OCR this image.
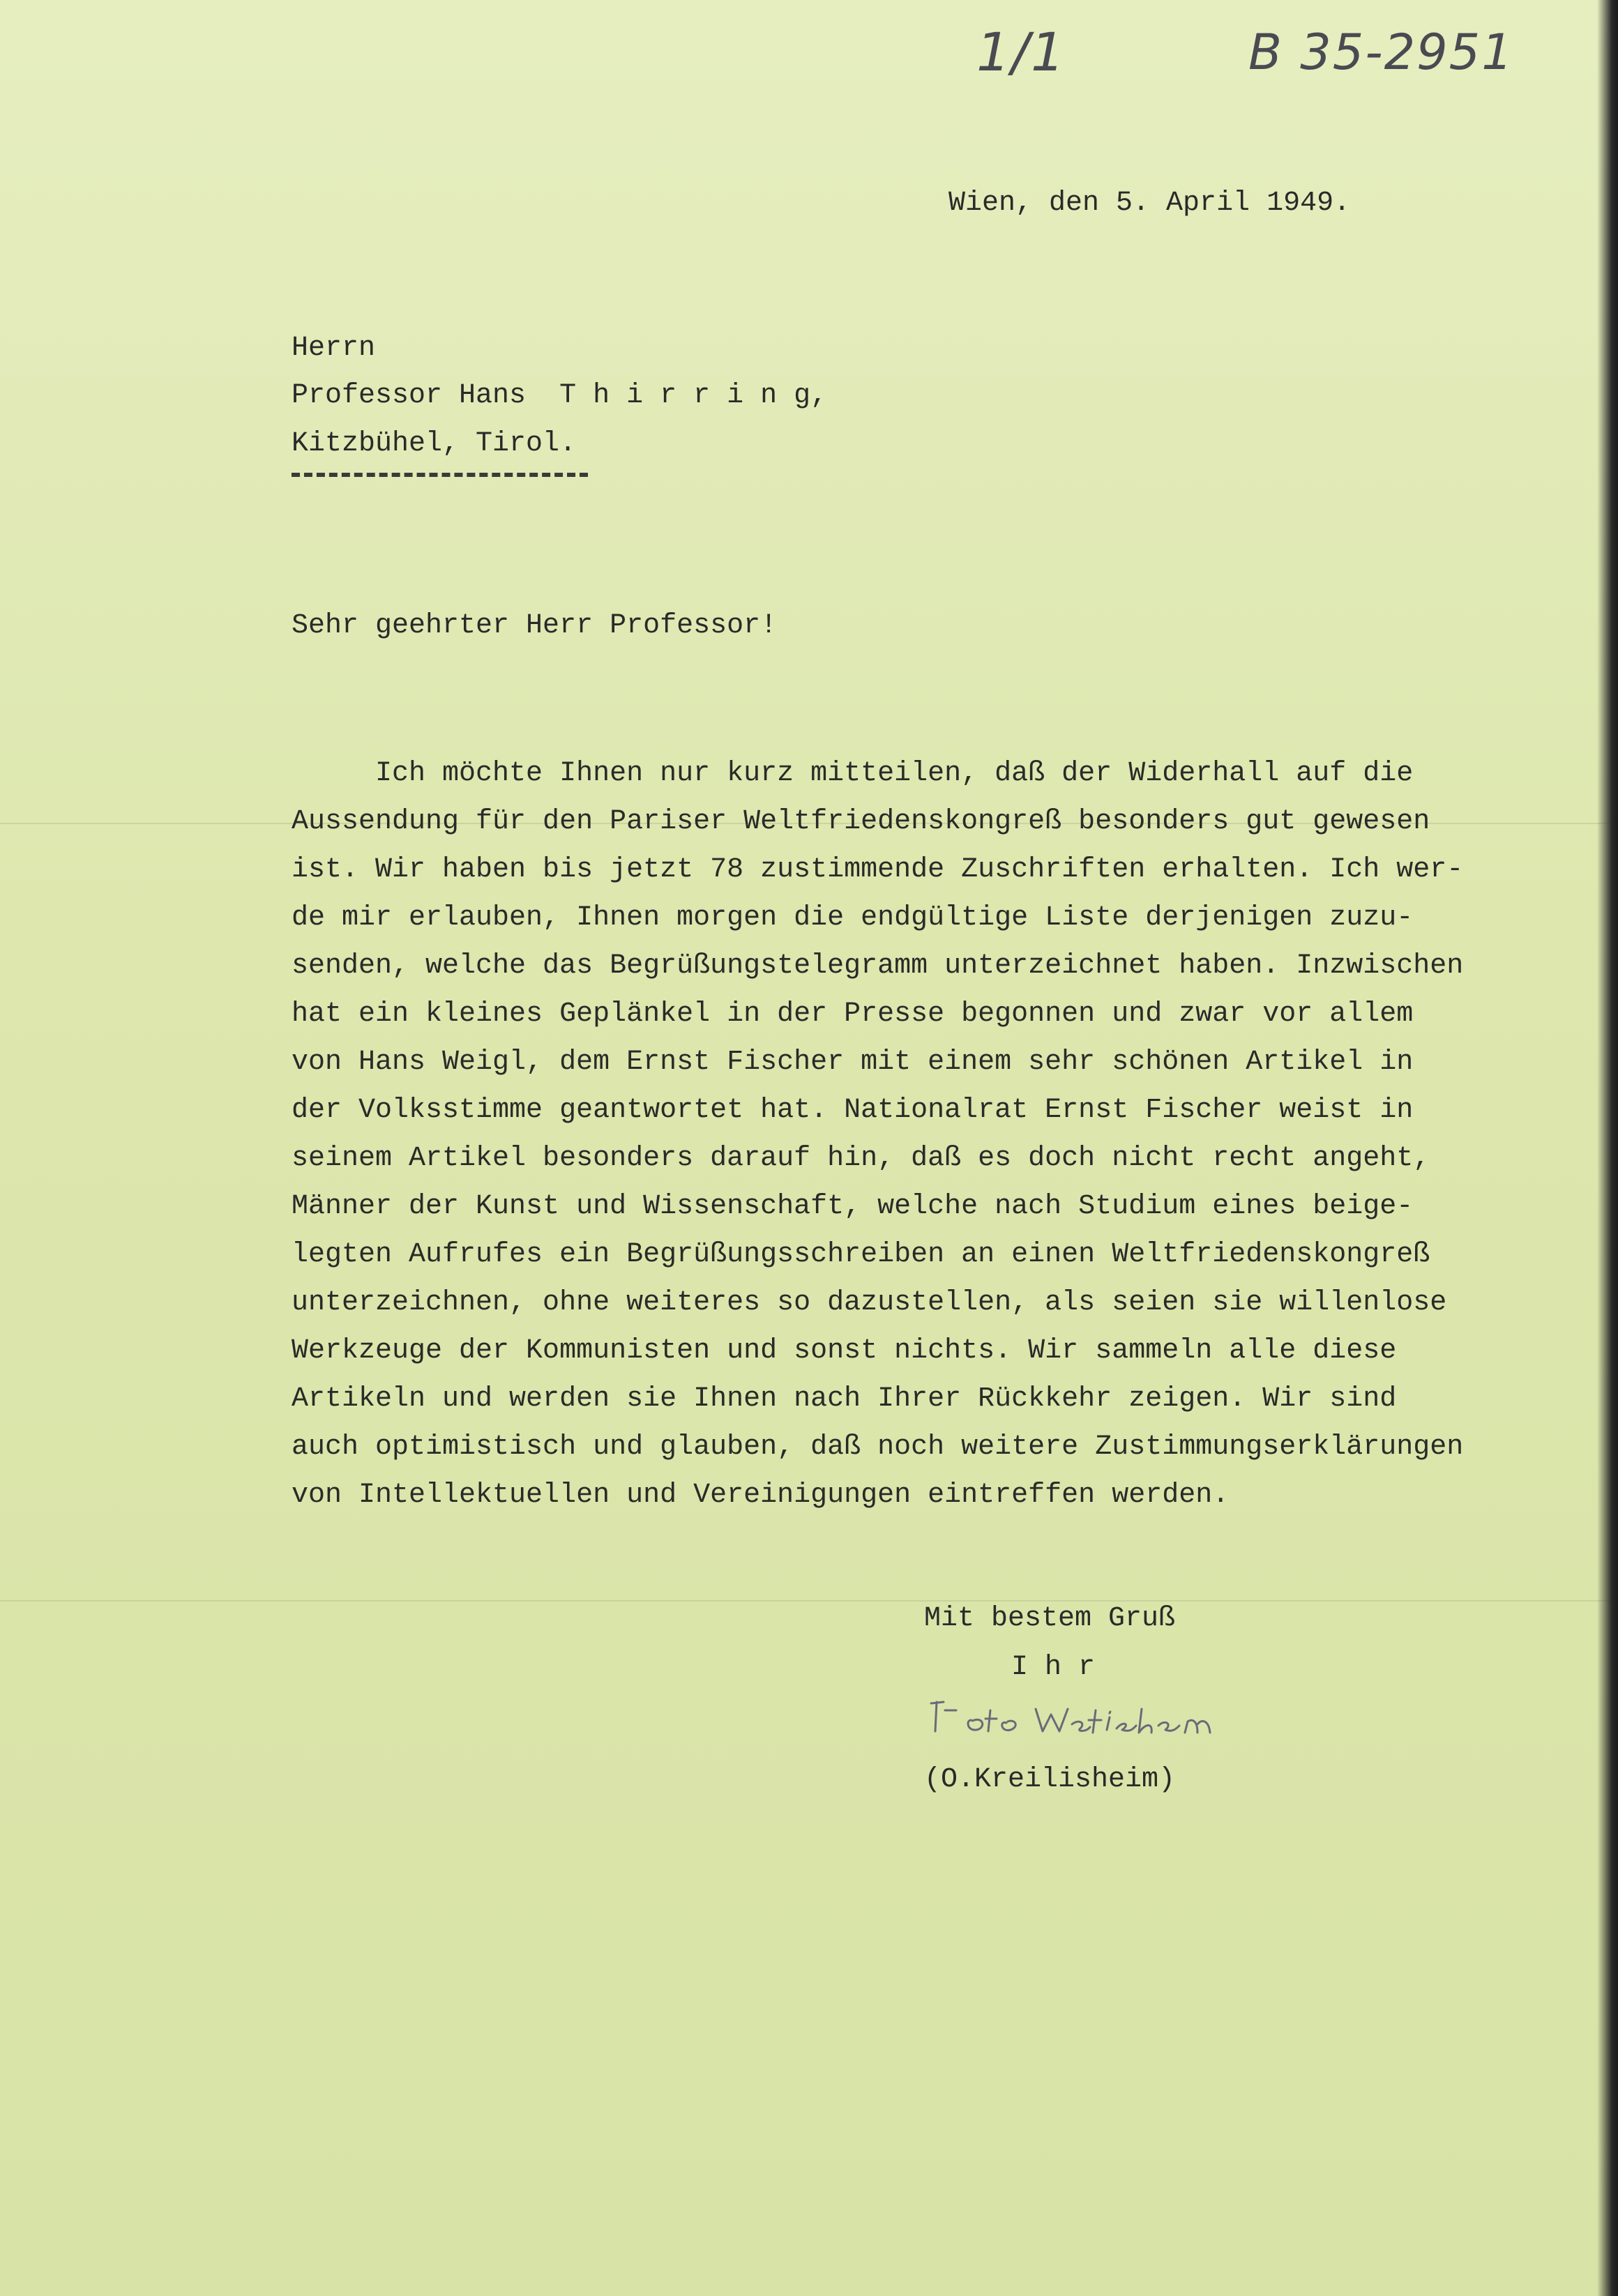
1/1	B 35-2951
Wien, den 5. April 1949.
Herrn
Professor Hans  T h i r r i n g,
Kitzbühel, Tirol.
Sehr geehrter Herr Professor!
Ich möchte Ihnen nur kurz mitteilen, daß der Widerhall auf die
Aussendung für den Pariser Weltfriedenskongreß besonders gut gewesen
ist. Wir haben bis jetzt 78 zustimmende Zuschriften erhalten. Ich wer-
de mir erlauben, Ihnen morgen die endgültige Liste derjenigen zuzu-
senden, welche das Begrüßungstelegramm unterzeichnet haben. Inzwischen
hat ein kleines Geplänkel in der Presse begonnen und zwar vor allem
von Hans Weigl, dem Ernst Fischer mit einem sehr schönen Artikel in
der Volksstimme geantwortet hat. Nationalrat Ernst Fischer weist in
seinem Artikel besonders darauf hin, daß es doch nicht recht angeht,
Männer der Kunst und Wissenschaft, welche nach Studium eines beige-
legten Aufrufes ein Begrüßungsschreiben an einen Weltfriedenskongreß
unterzeichnen, ohne weiteres so dazustellen, als seien sie willenlose
Werkzeuge der Kommunisten und sonst nichts. Wir sammeln alle diese
Artikeln und werden sie Ihnen nach Ihrer Rückkehr zeigen. Wir sind
auch optimistisch und glauben, daß noch weitere Zustimmungserklärungen
von Intellektuellen und Vereinigungen eintreffen werden.
Mit bestem Gruß
I h r
(O.Kreilisheim)
